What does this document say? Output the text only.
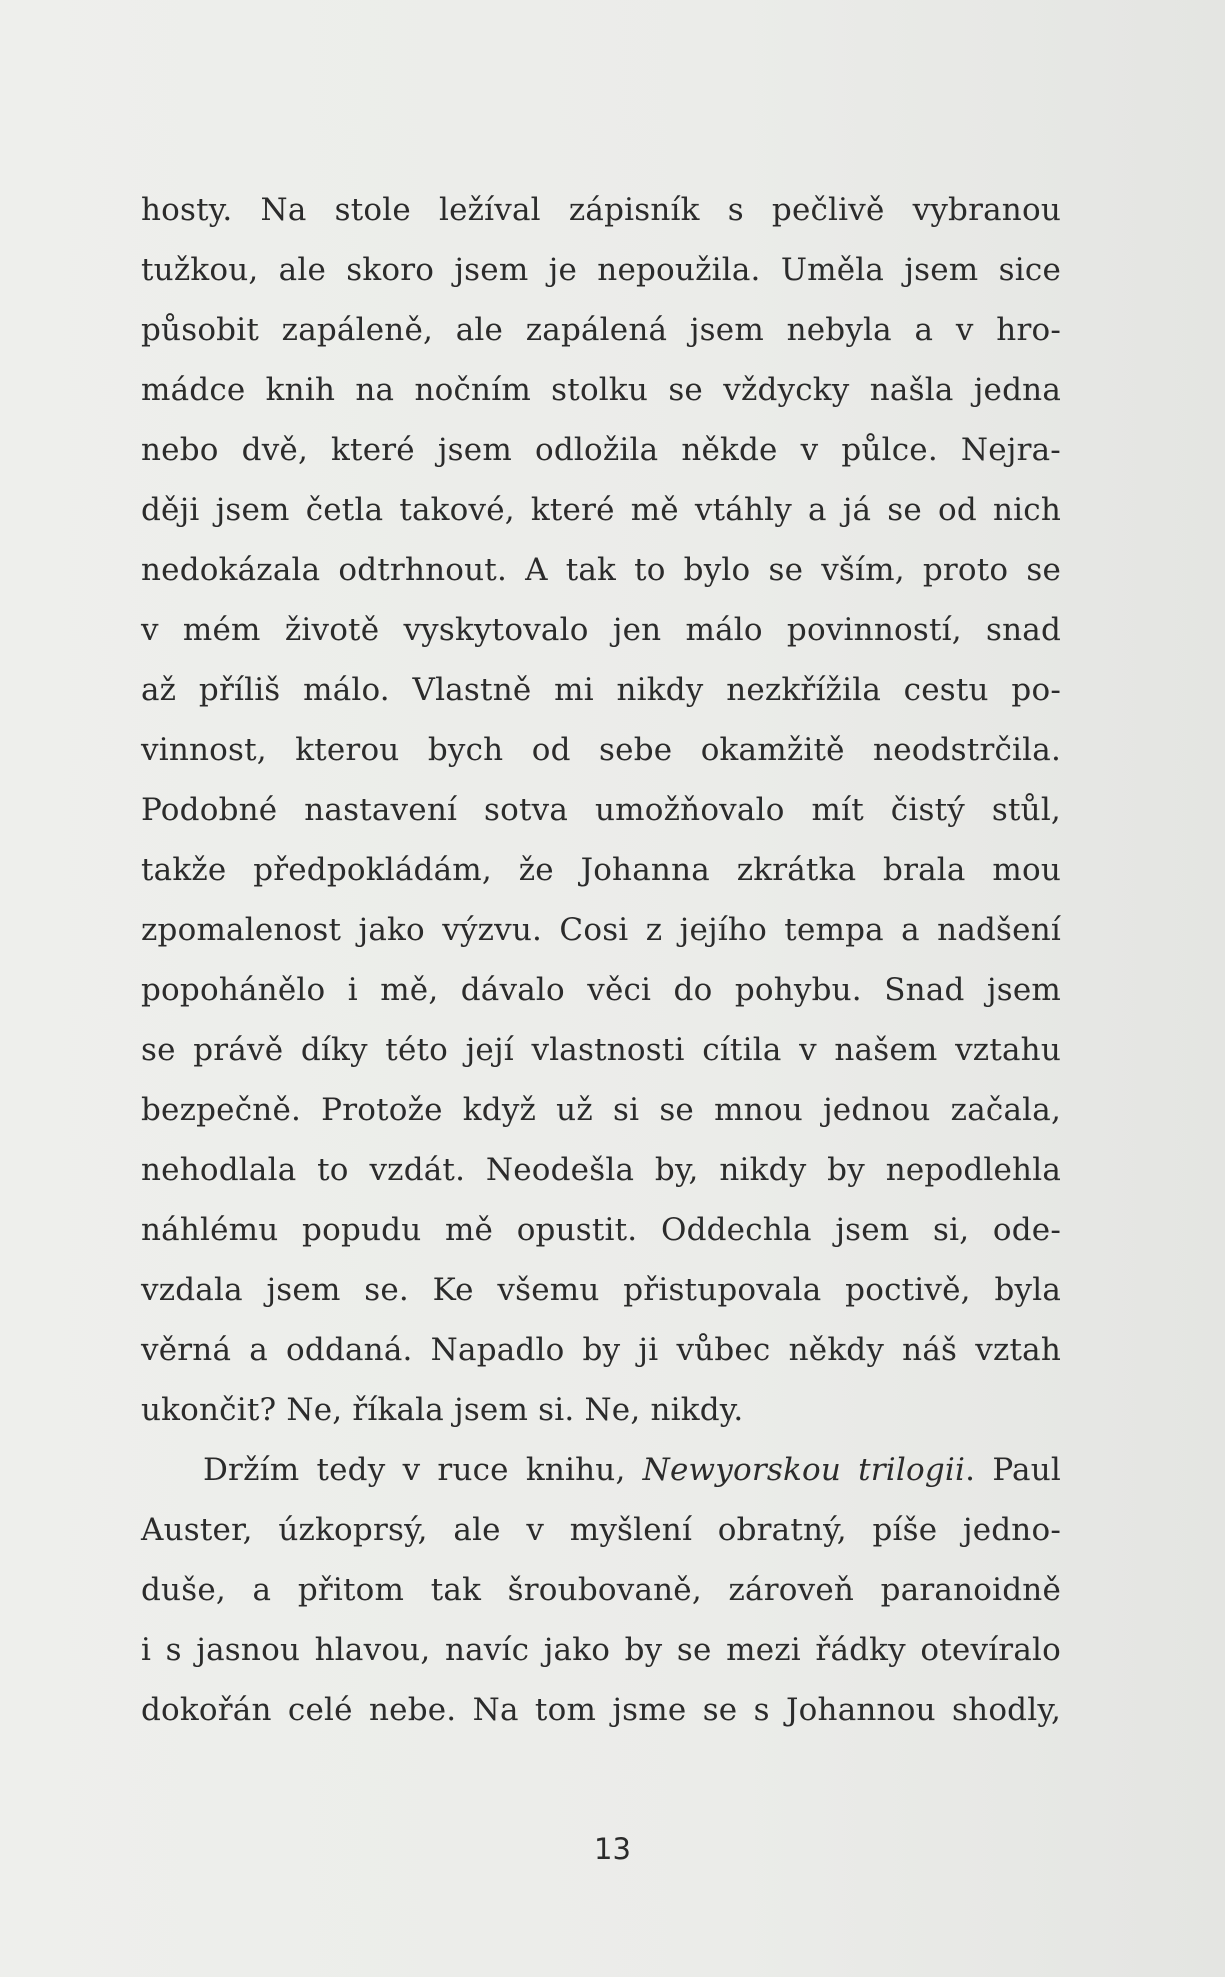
hosty. Na stole ležíval zápisník s pečlivě vybranou
tužkou, ale skoro jsem je nepoužila. Uměla jsem sice
působit zapáleně, ale zapálená jsem nebyla a v hro-
mádce knih na nočním stolku se vždycky našla jedna
nebo dvě, které jsem odložila někde v půlce. Nejra-
ději jsem četla takové, které mě vtáhly a já se od nich
nedokázala odtrhnout. A tak to bylo se vším, proto se
v mém životě vyskytovalo jen málo povinností, snad
až příliš málo. Vlastně mi nikdy nezkřížila cestu po-
vinnost, kterou bych od sebe okamžitě neodstrčila.
Podobné nastavení sotva umožňovalo mít čistý stůl,
takže předpokládám, že Johanna zkrátka brala mou
zpomalenost jako výzvu. Cosi z jejího tempa a nadšení
popohánělo i mě, dávalo věci do pohybu. Snad jsem
se právě díky této její vlastnosti cítila v našem vztahu
bezpečně. Protože když už si se mnou jednou začala,
nehodlala to vzdát. Neodešla by, nikdy by nepodlehla
náhlému popudu mě opustit. Oddechla jsem si, ode-
vzdala jsem se. Ke všemu přistupovala poctivě, byla
věrná a oddaná. Napadlo by ji vůbec někdy náš vztah
ukončit? Ne, říkala jsem si. Ne, nikdy.
Držím tedy v ruce knihu, Newyorskou trilogii. Paul
Auster, úzkoprsý, ale v myšlení obratný, píše jedno-
duše, a přitom tak šroubovaně, zároveň paranoidně
i s jasnou hlavou, navíc jako by se mezi řádky otevíralo
dokořán celé nebe. Na tom jsme se s Johannou shodly,
13
